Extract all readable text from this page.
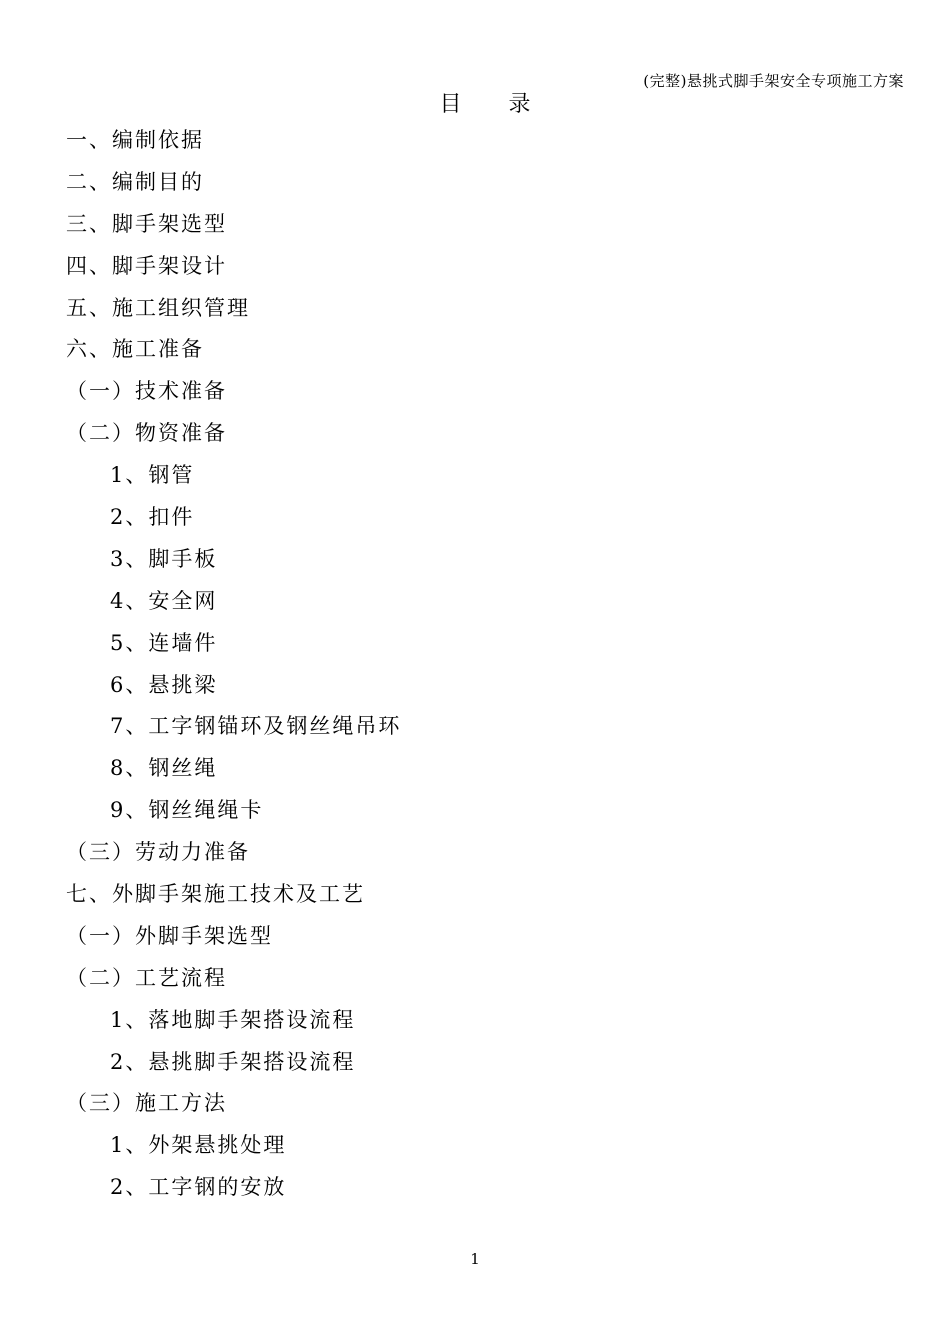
(完整)悬挑式脚手架安全专项施工方案
目 录
一、编制依据
二、编制目的
三、脚手架选型
四、脚手架设计
五、施工组织管理
六、施工准备
（一）技术准备
（二）物资准备
1、钢管
2、扣件
3、脚手板
4、安全网
5、连墙件
6、悬挑梁
7、工字钢锚环及钢丝绳吊环
8、钢丝绳
9、钢丝绳绳卡
（三）劳动力准备
七、外脚手架施工技术及工艺
（一）外脚手架选型
（二）工艺流程
1、落地脚手架搭设流程
2、悬挑脚手架搭设流程
（三）施工方法
1、外架悬挑处理
2、工字钢的安放
1
